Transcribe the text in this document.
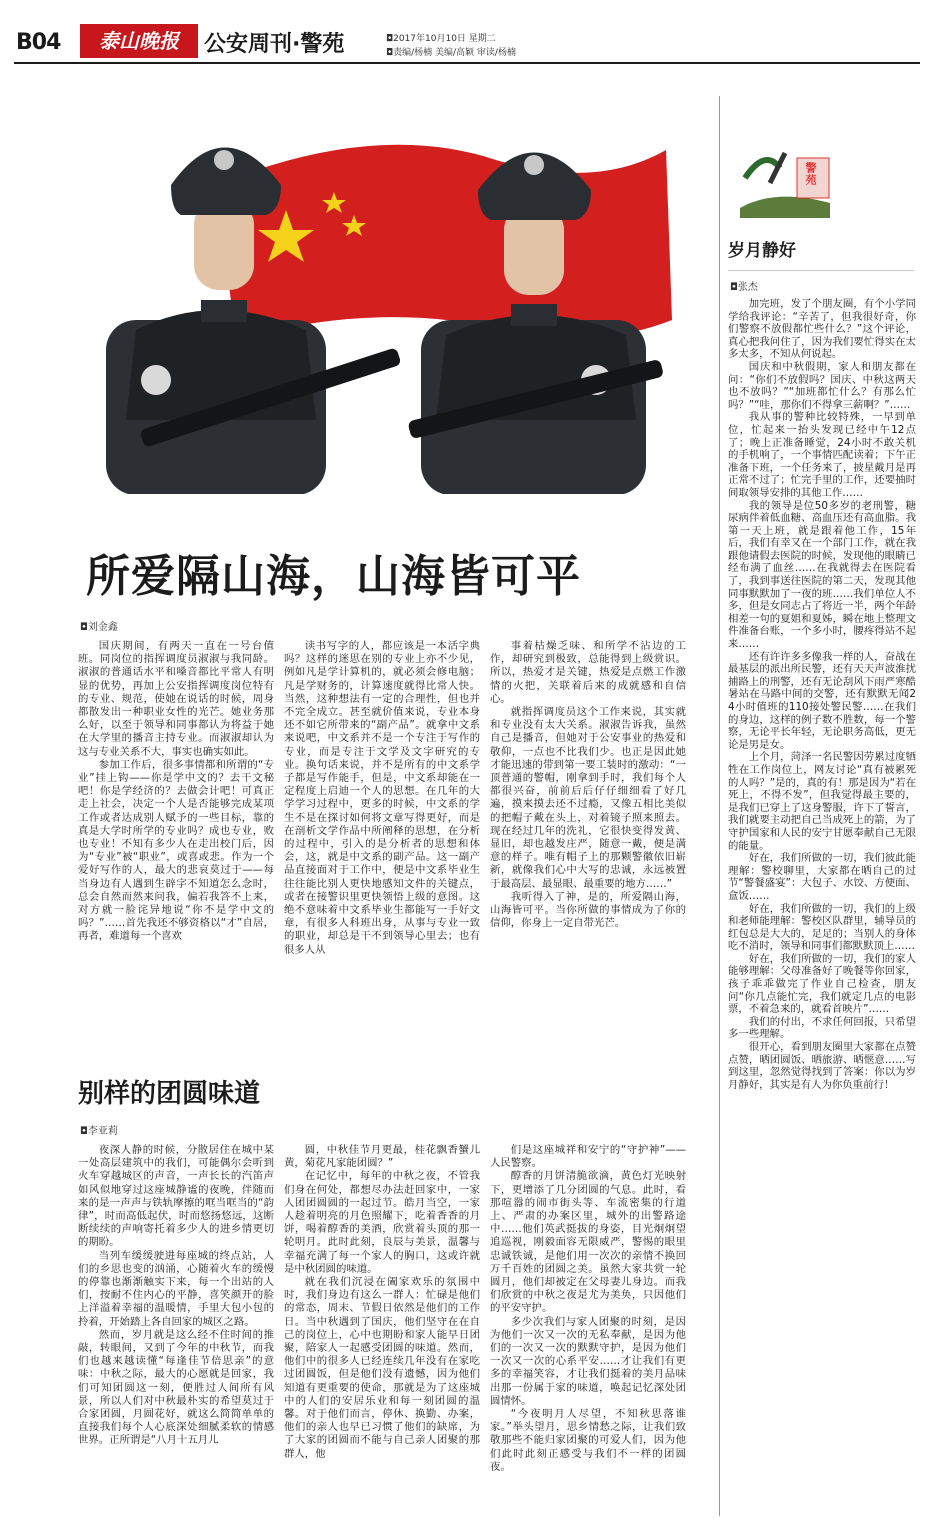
B04	泰山晚报	公安周刊·警苑	◘2017年10月10日 星期二
◘责编/杨楠 美编/高颖 审读/杨楠
警苑
岁月静好
◘张杰

加完班，发了个朋友圈，有个小学同学给我评论：“辛苦了，但我很好奇，你们警察不放假都忙些什么？”这个评论，真心把我问住了，因为我们要忙得实在太多太多，不知从何说起。

国庆和中秋假期，家人和朋友都在问：“你们不放假吗？国庆、中秋这两天也不放吗？”“加班都忙什么？有那么忙吗？”“哇，那你们不得拿三薪啊？”……

我从事的警种比较特殊，一早到单位，忙起来一抬头发现已经中午12点了；晚上正准备睡觉，24小时不敢关机的手机响了，一个事情匹配读着；下午正准备下班，一个任务来了，披星戴月是再正常不过了；忙完手里的工作，还要抽时间取领导安排的其他工作……

我的领导是位50多岁的老刑警，糖尿病伴着低血糖、高血压还有高血脂。我第一天上班，就是跟着他工作，15年后，我们有幸又在一个部门工作，就在我跟他请假去医院的时候，发现他的眼睛已经布满了血丝……在我就得去在医院看了，我到事送往医院的第二天，发现其他同事默默加了一夜的班……我们单位人不多，但是女同志占了将近一半，两个年龄相差一句的夏姐和夏姊，瞬在地上整理文件准备台账，一个多小时，腰疼得站不起来……

还有许许多多像我一样的人，奋战在最基层的派出所民警，还有天天声波淮扰捕路上的刑警，还有无论刮风下雨严寒酷暑站在马路中间的交警，还有默默无闻24小时值班的110接处警民警……在我们的身边，这样的例子数不胜数，每一个警察，无论平长年轻，无论职务高低，更无论是男是女。

上个月，菏泽一名民警因劳累过度牺牲在工作岗位上，网友讨论“真有被累死的人吗？”是的，真的有！那是因为“若在死上，不得不发”，但我觉得最主要的，是我们已穿上了这身警服，许下了誓言，我们就要主动把自己当成死上的箭，为了守护国家和人民的安宁甘愿奉献自己无限的能量。

好在，我们所做的一切，我们彼此能理解：警校聊里，大家都在晒自己的过节“警餐盛宴”：大包子、水饺、方便面、盒饭……

好在，我们所做的一切，我们的上级和老师能理解：警校区队群里，辅导员的红包总是大大的，足足的；当别人的身体吃不消时，领导和同事们都默默顶上……

好在，我们所做的一切，我们的家人能够理解：父母准备好了晚餐等你回家，孩子乖乖做完了作业自己检查，朋友问“你几点能忙完，我们就定几点的电影票，不着急来的，就看首映片”……

我们的付出，不求任何回报，只希望多一些理解。

很开心，看到朋友圈里大家都在点赞点赞，晒团圆饭、晒旅游、晒惬意……写到这里，忽然觉得找到了答案：你以为岁月静好，其实是有人为你负重前行！

所爱隔山海，山海皆可平
◘刘金鑫

国庆期间，有两天一直在一号台值班。同岗位的指挥调度员淑淑与我同龄。淑淑的普通话水平和嗓音都比平常人有明显的优势，再加上公安指挥调度岗位特有的专业、规范，使她在说话的时候，周身都散发出一种职业女性的光芒。她业务那么好，以至于领导和同事都认为将益于她在大学里的播音主持专业。而淑淑却认为这与专业关系不大，事实也确实如此。

参加工作后，很多事情都和所谓的“专业”挂上钩——你是学中文的？去干文秘吧！你是学经济的？去做会计吧！可真正走上社会，决定一个人是否能够完成某项工作或者达成别人赋予的一些目标，靠的真是大学时所学的专业吗？成也专业，败也专业！不知有多少人在走出校门后，因为“专业”被“职业”，或喜或悲。作为一个爱好写作的人，最大的悲哀莫过于——每当身边有人遇到生辟字不知道怎么念时，总会自然而然来问我，偏若我答不上来，对方就一脸诧异地说“你不是学中文的吗？”……首先我还不够资格以“才”自居，再者，难道每一个喜欢

读书写字的人，都应该是一本活字典吗？这样的迷思在别的专业上亦不少见，例如凡是学计算机的，就必须会修电脑；凡是学财务的，计算速度就得比常人快。当然，这种想法有一定的合理性，但也并不完全成立。甚至就价值来说，专业本身还不如它所带来的“副产品”。就拿中文系来说吧，中文系并不是一个专注于写作的专业，而是专注于文学及文字研究的专业。换句话来说，并不是所有的中文系学子都是写作能手，但是，中文系却能在一定程度上启迪一个人的思想。在几年的大学学习过程中，更多的时候，中文系的学生不是在探讨如何将文章写得更好，而是在剖析文学作品中所阐释的思想，在分析的过程中，引入的是分析者的思想和体会，这，就是中文系的副产品。这一副产品直接面对于工作中，便是中文系毕业生往往能比别人更快地感知文件的关键点，或者在接警识里更快领悟上级的意图。这绝不意味着中文系毕业生都能写一手好文章，有很多人科班出身，从事与专业一致的职业，却总是干不到领导心里去；也有很多人从

事着枯燥乏味、和所学不沾边的工作，却研究到极致，总能得到上级赏识。所以，热爱才是关键，热爱是点燃工作激情的火把，关联着后来的成就感和自信心。

就指挥调度员这个工作来说，其实就和专业没有太大关系。淑淑告诉我，虽然自己是播音，但她对于公安事业的热爱和敬仰，一点也不比我们少。也正是因此她才能迅速的带到第一要工装时的激动：“一顶普通的警帽，刚拿到手时，我们每个人都很兴奋，前前后后仔仔细细看了好几遍，摸来摸去还不过瘾，又像五相比美似的把帽子戴在头上，对着镜子照来照去。现在经过几年的洗礼，它很快变得发黄、显旧，却也越发庄严，随意一戴，便是满意的样子。唯有帽子上的那颗警徽依旧崭新，就像我们心中大写的忠诚，永远被置于最高层、最显眼、最重要的地方……”

我听得入了神，是的，所爱隔山海，山海皆可平。当你所做的事情成为了你的信仰，你身上一定自带光芒。

别样的团圆味道
◘李亚莉

夜深人静的时候，分散居住在城中某一处高层建筑中的我们，可能偶尔会听到火车穿越城区的声音，一声长长的汽笛声如风似地穿过这座城静谧的夜晚，伴随而来的是一声声与铁轨摩擦的哐当哐当的“韵律”，时而高低起伏，时而悠扬悠远，这断断续续的声响寄托着多少人的进乡情更切的期盼。

当列车缓缓驶进每座城的终点站，人们的乡思也变的汹涌，心随着火车的缓慢的停靠也渐渐触实下来，每一个出站的人们，按耐不住内心的平静，喜笑颜开的脸上洋溢着幸福的温暖情，手里大包小包的拎着，开始踏上各自回家的城区之路。

然而，岁月就是这么经不住时间的推敲，转眼间，又到了今年的中秋节，而我们也越来越读懂“每逢佳节倍思亲”的意味：中秋之际，最大的心愿就是回家，我们可知团圆这一刻，便胜过人间所有风景，所以人们对中秋最朴实的希望莫过于合家团圆，月圆花好，就这么简简单单的直接我们每个人心底深处细腻柔软的情感世界。正所谓是“八月十五月儿

圆，中秋佳节月更最，桂花飘香蟹儿黄，菊花凡家能团圆？”

在记忆中，每年的中秋之夜，不管我们身在何处，都想尽办法赶回家中，一家人团团圆圆的一起过节。皓月当空，一家人趁着明亮的月色照耀下，吃着香香的月饼，喝着醇香的美酒，欣赏着头顶的那一轮明月。此时此刻，良辰与美景，温馨与幸福充满了每一个家人的胸口，这或许就是中秋团圆的味道。

就在我们沉浸在阖家欢乐的氛围中时，我们身边有这么一群人：忙碌是他们的常态，周末、节假日依然是他们的工作日。当中秋遇到了国庆，他们坚守在在自己的岗位上，心中也期盼和家人能早日团聚，陪家人一起感受团圆的味道。然而，他们中的很多人已经连续几年没有在家吃过团圆饭，但是他们没有遗憾，因为他们知道有更重要的使命，那就是为了这座城中的人们的安居乐业和每一刻团圆的温馨。对于他们而言，停休、换勤、办案，他们的亲人也早已习惯了他们的缺席，为了大家的团圆而不能与自己亲人团聚的那群人，他

们是这座城祥和安宁的“守护神”——人民警察。

醇香的月饼清脆欲滴，黄色灯光映射下，更增添了几分团圆的气息。此时，看那喧嚣的闹市街头等、车流密集的行道上、严肃的办案区里，城外的出警路途中……他们英武挺拔的身姿，目光炯炯望追巡视，刚毅面容无限威严，警惕的眼里忠诚铁诚，是他们用一次次的亲情不换回万千百姓的团圆之美。虽然大家共赏一轮圆月，他们却被定在父母妻儿身边。而我们欣赏的中秋之夜是尤为美奂，只因他们的平安守护。

多少次我们与家人团聚的时刻，是因为他们一次又一次的无私奉献，是因为他们的一次又一次的默默守护，是因为他们一次又一次的心系平安……才让我们有更多的幸福笑容，才让我们挺着的美月品味出那一份属于家的味道，唤起记忆深处团圆情怀。

“今夜明月人尽望，不知秋思落谁家。”举头望月，思乡情愁之际，让我们致敬那些不能归家团聚的可爱人们，因为他们此时此刻正感受与我们不一样的团圆夜。
